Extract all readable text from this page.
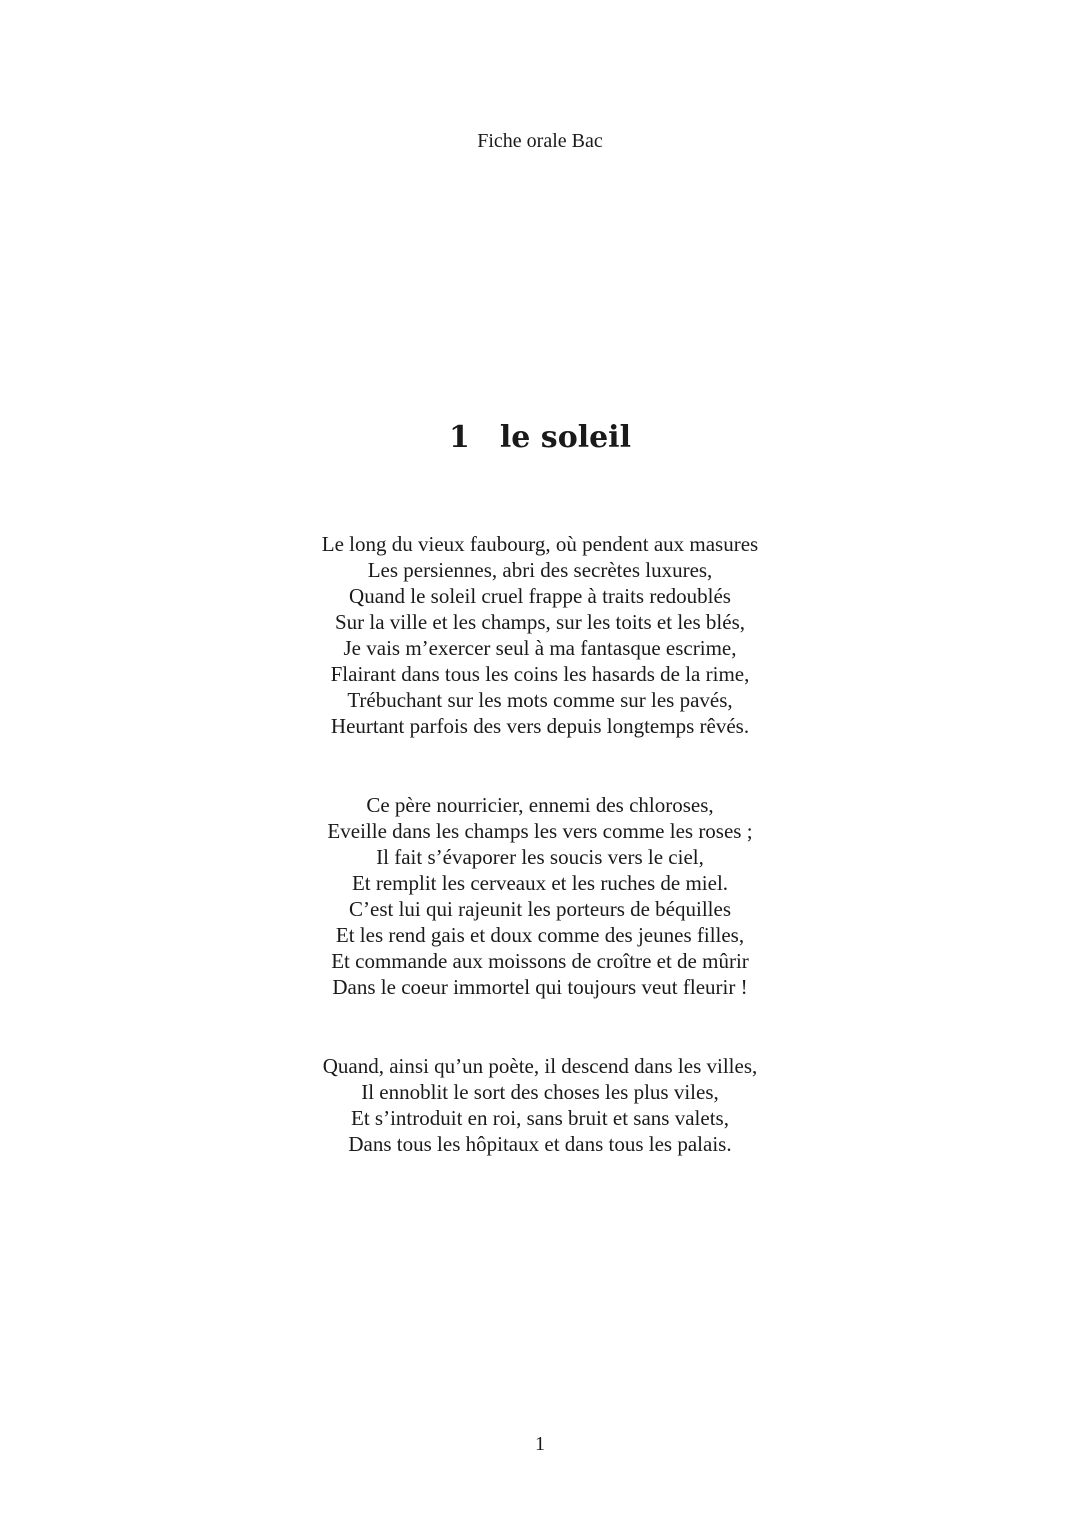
Fiche orale Bac
1 le soleil
Le long du vieux faubourg, où pendent aux masures
Les persiennes, abri des secrètes luxures,
Quand le soleil cruel frappe à traits redoublés
Sur la ville et les champs, sur les toits et les blés,
Je vais m’exercer seul à ma fantasque escrime,
Flairant dans tous les coins les hasards de la rime,
Trébuchant sur les mots comme sur les pavés,
Heurtant parfois des vers depuis longtemps rêvés.
Ce père nourricier, ennemi des chloroses,
Eveille dans les champs les vers comme les roses ;
Il fait s’évaporer les soucis vers le ciel,
Et remplit les cerveaux et les ruches de miel.
C’est lui qui rajeunit les porteurs de béquilles
Et les rend gais et doux comme des jeunes filles,
Et commande aux moissons de croître et de mûrir
Dans le coeur immortel qui toujours veut fleurir !
Quand, ainsi qu’un poète, il descend dans les villes,
Il ennoblit le sort des choses les plus viles,
Et s’introduit en roi, sans bruit et sans valets,
Dans tous les hôpitaux et dans tous les palais.
1
